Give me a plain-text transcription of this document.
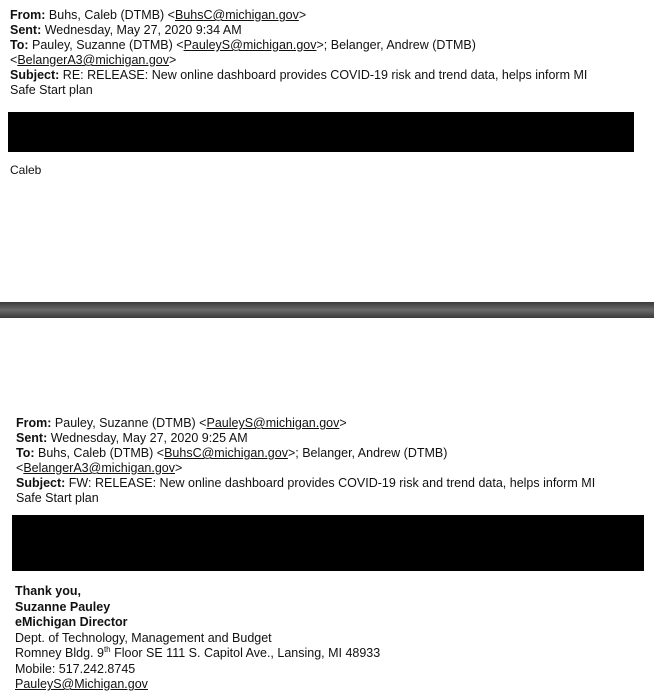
From: Buhs, Caleb (DTMB) <BuhsC@michigan.gov>
Sent: Wednesday, May 27, 2020 9:34 AM
To: Pauley, Suzanne (DTMB) <PauleyS@michigan.gov>; Belanger, Andrew (DTMB)
<BelangerA3@michigan.gov>
Subject: RE: RELEASE: New online dashboard provides COVID-19 risk and trend data, helps inform MI
Safe Start plan
Caleb
From: Pauley, Suzanne (DTMB) <PauleyS@michigan.gov>
Sent: Wednesday, May 27, 2020 9:25 AM
To: Buhs, Caleb (DTMB) <BuhsC@michigan.gov>; Belanger, Andrew (DTMB)
<BelangerA3@michigan.gov>
Subject: FW: RELEASE: New online dashboard provides COVID-19 risk and trend data, helps inform MI
Safe Start plan
Thank you,
Suzanne Pauley
eMichigan Director
Dept. of Technology, Management and Budget
Romney Bldg. 9th Floor SE 111 S. Capitol Ave., Lansing, MI 48933
Mobile: 517.242.8745
PauleyS@Michigan.gov
